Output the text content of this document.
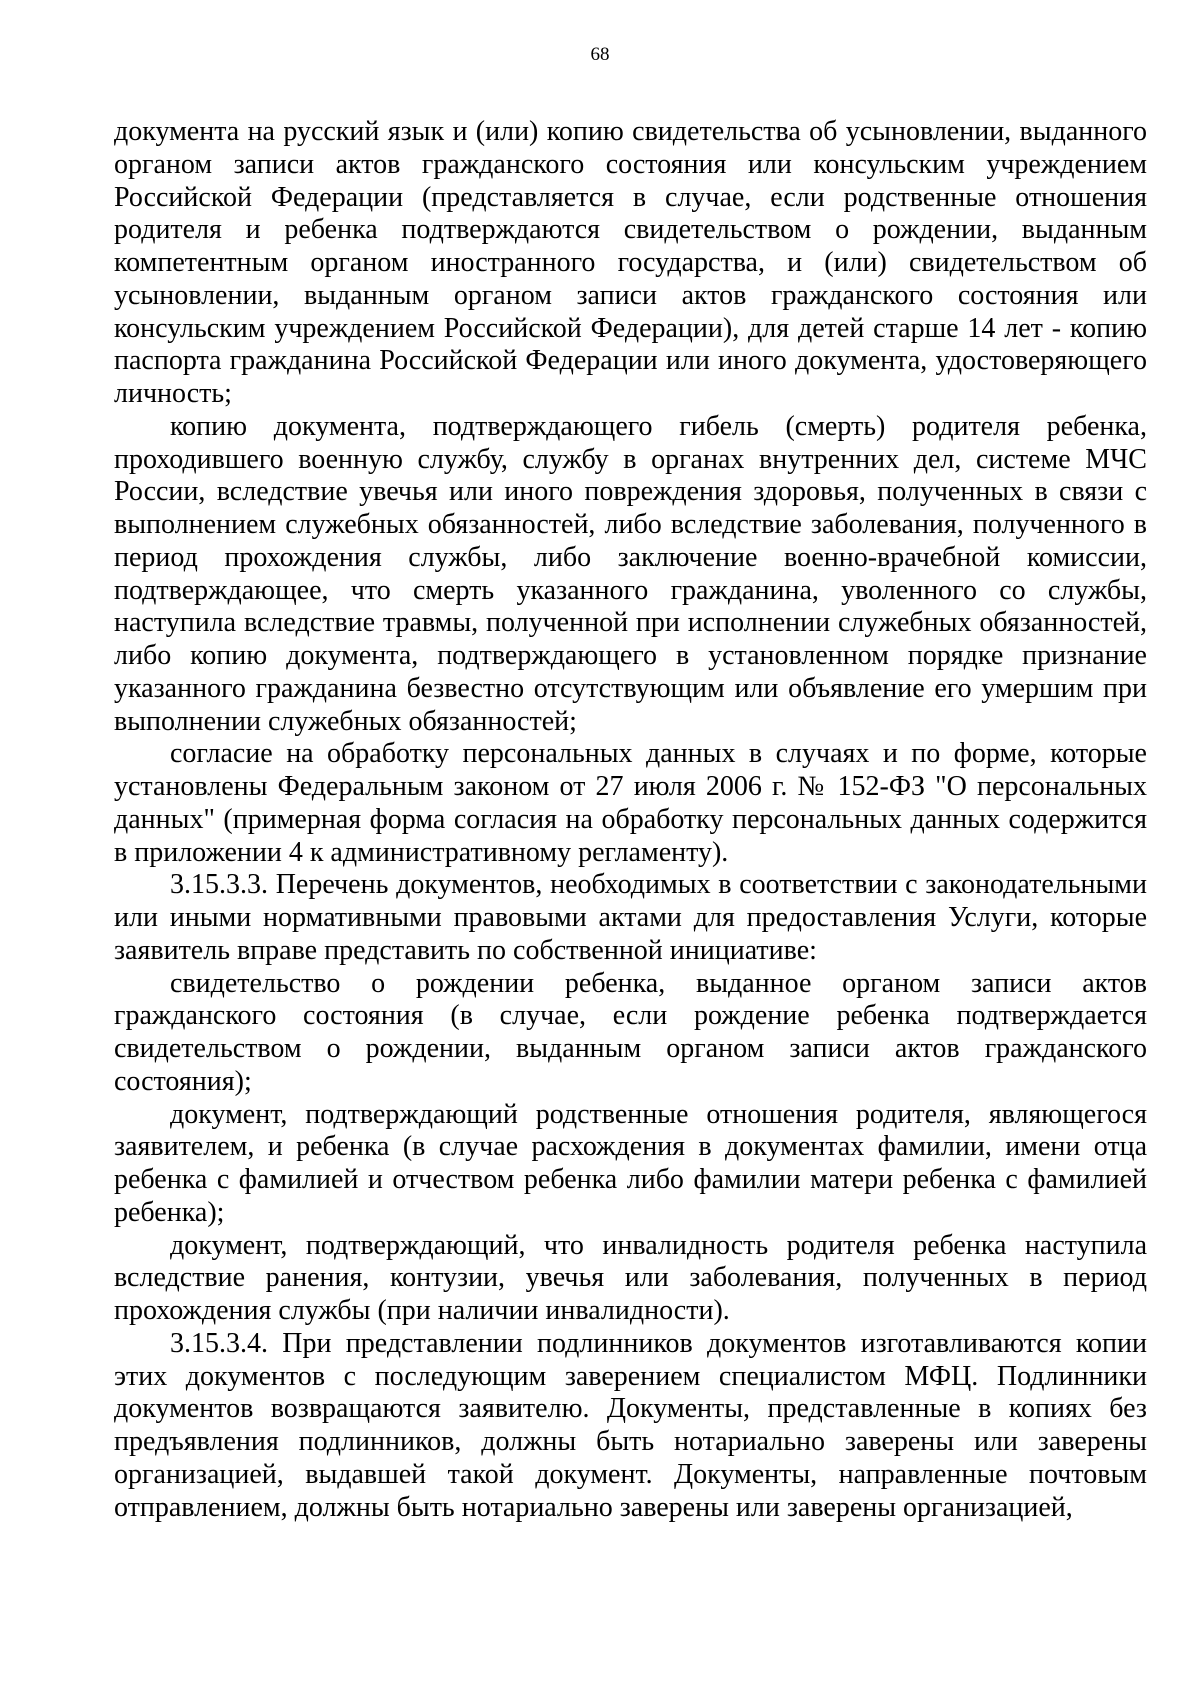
68

документа на русский язык и (или) копию свидетельства об усыновлении, выданного органом записи актов гражданского состояния или консульским учреждением Российской Федерации (представляется в случае, если родственные отношения родителя и ребенка подтверждаются свидетельством о рождении, выданным компетентным органом иностранного государства, и (или) свидетельством об усыновлении, выданным органом записи актов гражданского состояния или консульским учреждением Российской Федерации), для детей старше 14 лет - копию паспорта гражданина Российской Федерации или иного документа, удостоверяющего личность;

копию документа, подтверждающего гибель (смерть) родителя ребенка, проходившего военную службу, службу в органах внутренних дел, системе МЧС России, вследствие увечья или иного повреждения здоровья, полученных в связи с выполнением служебных обязанностей, либо вследствие заболевания, полученного в период прохождения службы, либо заключение военно-врачебной комиссии, подтверждающее, что смерть указанного гражданина, уволенного со службы, наступила вследствие травмы, полученной при исполнении служебных обязанностей, либо копию документа, подтверждающего в установленном порядке признание указанного гражданина безвестно отсутствующим или объявление его умершим при выполнении служебных обязанностей;

согласие на обработку персональных данных в случаях и по форме, которые установлены Федеральным законом от 27 июля 2006 г. № 152-ФЗ "О персональных данных" (примерная форма согласия на обработку персональных данных содержится в приложении 4 к административному регламенту).

3.15.3.3. Перечень документов, необходимых в соответствии с законодательными или иными нормативными правовыми актами для предоставления Услуги, которые заявитель вправе представить по собственной инициативе:

свидетельство о рождении ребенка, выданное органом записи актов гражданского состояния (в случае, если рождение ребенка подтверждается свидетельством о рождении, выданным органом записи актов гражданского состояния);

документ, подтверждающий родственные отношения родителя, являющегося заявителем, и ребенка (в случае расхождения в документах фамилии, имени отца ребенка с фамилией и отчеством ребенка либо фамилии матери ребенка с фамилией ребенка);

документ, подтверждающий, что инвалидность родителя ребенка наступила вследствие ранения, контузии, увечья или заболевания, полученных в период прохождения службы (при наличии инвалидности).

3.15.3.4. При представлении подлинников документов изготавливаются копии этих документов с последующим заверением специалистом МФЦ. Подлинники документов возвращаются заявителю. Документы, представленные в копиях без предъявления подлинников, должны быть нотариально заверены или заверены организацией, выдавшей такой документ. Документы, направленные почтовым отправлением, должны быть нотариально заверены или заверены организацией,
